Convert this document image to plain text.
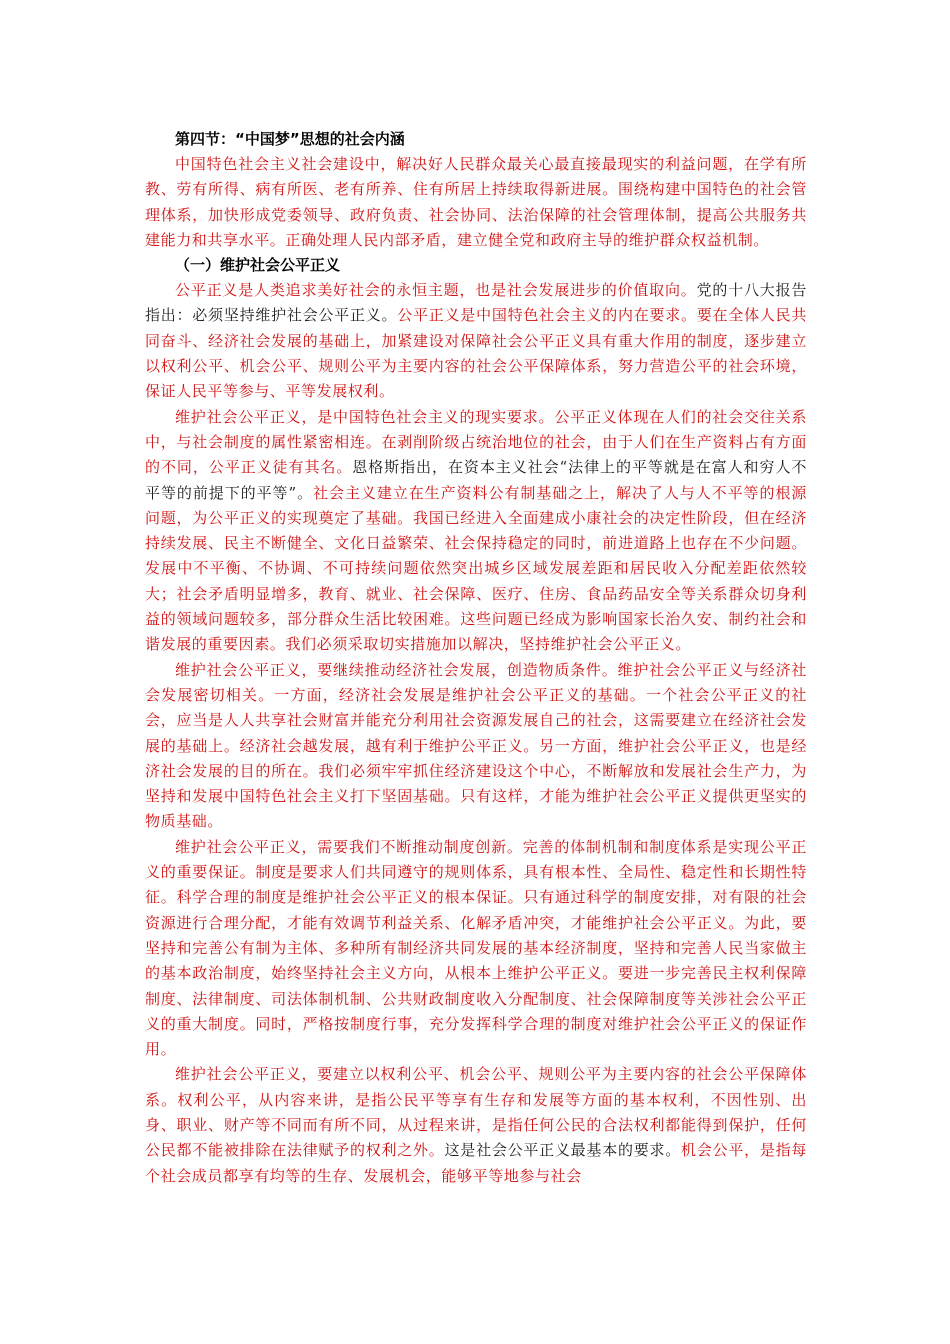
第四节：“中国梦”思想的社会内涵

中国特色社会主义社会建设中，解决好人民群众最关心最直接最现实的利益问题，在学有所教、劳有所得、病有所医、老有所养、住有所居上持续取得新进展。围绕构建中国特色的社会管理体系，加快形成党委领导、政府负责、社会协同、法治保障的社会管理体制，提高公共服务共建能力和共享水平。正确处理人民内部矛盾，建立健全党和政府主导的维护群众权益机制。

（一）维护社会公平正义

公平正义是人类追求美好社会的永恒主题，也是社会发展进步的价值取向。党的十八大报告指出：必须坚持维护社会公平正义。公平正义是中国特色社会主义的内在要求。要在全体人民共同奋斗、经济社会发展的基础上，加紧建设对保障社会公平正义具有重大作用的制度，逐步建立以权利公平、机会公平、规则公平为主要内容的社会公平保障体系，努力营造公平的社会环境，保证人民平等参与、平等发展权利。

维护社会公平正义，是中国特色社会主义的现实要求。公平正义体现在人们的社会交往关系中，与社会制度的属性紧密相连。在剥削阶级占统治地位的社会，由于人们在生产资料占有方面的不同，公平正义徒有其名。恩格斯指出，在资本主义社会“法律上的平等就是在富人和穷人不平等的前提下的平等”。社会主义建立在生产资料公有制基础之上，解决了人与人不平等的根源问题，为公平正义的实现奠定了基础。我国已经进入全面建成小康社会的决定性阶段，但在经济持续发展、民主不断健全、文化日益繁荣、社会保持稳定的同时，前进道路上也存在不少问题。发展中不平衡、不协调、不可持续问题依然突出城乡区域发展差距和居民收入分配差距依然较大；社会矛盾明显增多，教育、就业、社会保障、医疗、住房、食品药品安全等关系群众切身利益的领域问题较多，部分群众生活比较困难。这些问题已经成为影响国家长治久安、制约社会和谐发展的重要因素。我们必须采取切实措施加以解决，坚持维护社会公平正义。

维护社会公平正义，要继续推动经济社会发展，创造物质条件。维护社会公平正义与经济社会发展密切相关。一方面，经济社会发展是维护社会公平正义的基础。一个社会公平正义的社会，应当是人人共享社会财富并能充分利用社会资源发展自己的社会，这需要建立在经济社会发展的基础上。经济社会越发展，越有利于维护公平正义。另一方面，维护社会公平正义，也是经济社会发展的目的所在。我们必须牢牢抓住经济建设这个中心，不断解放和发展社会生产力，为坚持和发展中国特色社会主义打下坚固基础。只有这样，才能为维护社会公平正义提供更坚实的物质基础。

维护社会公平正义，需要我们不断推动制度创新。完善的体制机制和制度体系是实现公平正义的重要保证。制度是要求人们共同遵守的规则体系，具有根本性、全局性、稳定性和长期性特征。科学合理的制度是维护社会公平正义的根本保证。只有通过科学的制度安排，对有限的社会资源进行合理分配，才能有效调节利益关系、化解矛盾冲突，才能维护社会公平正义。为此，要坚持和完善公有制为主体、多种所有制经济共同发展的基本经济制度，坚持和完善人民当家做主的基本政治制度，始终坚持社会主义方向，从根本上维护公平正义。要进一步完善民主权利保障制度、法律制度、司法体制机制、公共财政制度收入分配制度、社会保障制度等关涉社会公平正义的重大制度。同时，严格按制度行事，充分发挥科学合理的制度对维护社会公平正义的保证作用。

维护社会公平正义，要建立以权利公平、机会公平、规则公平为主要内容的社会公平保障体系。权利公平，从内容来讲，是指公民平等享有生存和发展等方面的基本权利，不因性别、出身、职业、财产等不同而有所不同，从过程来讲，是指任何公民的合法权利都能得到保护，任何公民都不能被排除在法律赋予的权利之外。这是社会公平正义最基本的要求。机会公平，是指每个社会成员都享有均等的生存、发展机会，能够平等地参与社会
